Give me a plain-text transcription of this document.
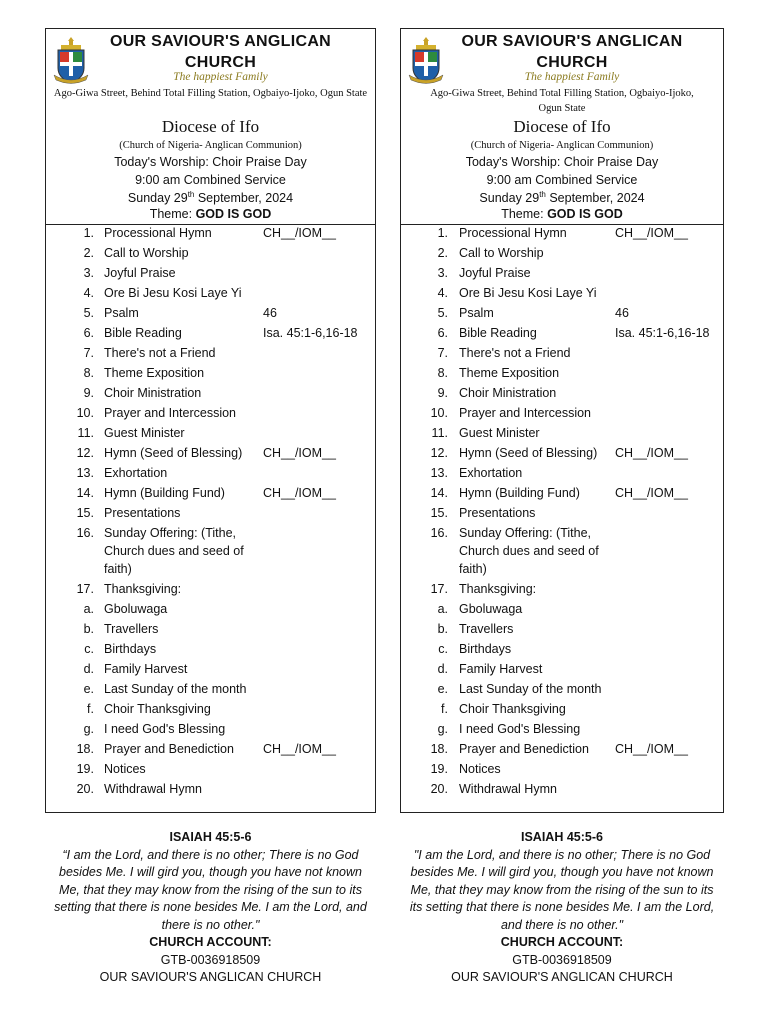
OUR SAVIOUR'S ANGLICAN
CHURCH
The happiest Family
Ago-Giwa Street, Behind Total Filling Station, Ogbaiyo-Ijoko, Ogun State
Diocese of Ifo
(Church of Nigeria- Anglican Communion)
Today's Worship: Choir Praise Day
9:00 am Combined Service
Sunday 29th September, 2024
Theme: GOD IS GOD
1. Processional Hymn	CH__/IOM__
2. Call to Worship
3. Joyful Praise
4. Ore Bi Jesu Kosi Laye Yi
5. Psalm	46
6. Bible Reading	Isa. 45:1-6,16-18
7. There's not a Friend
8. Theme Exposition
9. Choir Ministration
10. Prayer and Intercession
11. Guest Minister
12. Hymn (Seed of Blessing) CH__/IOM__
13. Exhortation
14. Hymn (Building Fund)	CH__/IOM__
15. Presentations
16. Sunday Offering: (Tithe,
Church dues and seed of
faith)
17. Thanksgiving:
a. Gboluwaga
b. Travellers
c. Birthdays
d. Family Harvest
e. Last Sunday of the month
f. Choir Thanksgiving
g. I need God's Blessing
18. Prayer and Benediction CH__/IOM__
19. Notices
20. Withdrawal Hymn
OUR SAVIOUR'S ANGLICAN
CHURCH
The happiest Family
Ago-Giwa Street, Behind Total Filling Station, Ogbaiyo-Ijoko,
Ogun State
Diocese of Ifo
(Church of Nigeria- Anglican Communion)
Today's Worship: Choir Praise Day
9:00 am Combined Service
Sunday 29th September, 2024
Theme: GOD IS GOD
1. Processional Hymn	CH__/IOM__
2. Call to Worship
3. Joyful Praise
4. Ore Bi Jesu Kosi Laye Yi
5. Psalm	46
6. Bible Reading	Isa. 45:1-6,16-18
7. There's not a Friend
8. Theme Exposition
9. Choir Ministration
10. Prayer and Intercession
11. Guest Minister
12. Hymn (Seed of Blessing) CH__/IOM__
13. Exhortation
14. Hymn (Building Fund)	CH__/IOM__
15. Presentations
16. Sunday Offering: (Tithe,
Church dues and seed of
faith)
17. Thanksgiving:
a. Gboluwaga
b. Travellers
c. Birthdays
d. Family Harvest
e. Last Sunday of the month
f. Choir Thanksgiving
g. I need God's Blessing
18. Prayer and Benediction CH__/IOM__
19. Notices
20. Withdrawal Hymn
ISAIAH 45:5-6
“I am the Lord, and there is no other; There is no God
besides Me. I will gird you, though you have not known
Me, that they may know from the rising of the sun to its
setting that there is none besides Me. I am the Lord, and
there is no other."
CHURCH ACCOUNT:
GTB-0036918509
OUR SAVIOUR'S ANGLICAN CHURCH
ISAIAH 45:5-6
"I am the Lord, and there is no other; There is no God
besides Me. I will gird you, though you have not known
Me, that they may know from the rising of the sun to its
its setting that there is none besides Me. I am the Lord,
and there is no other."
CHURCH ACCOUNT:
GTB-0036918509
OUR SAVIOUR'S ANGLICAN CHURCH
